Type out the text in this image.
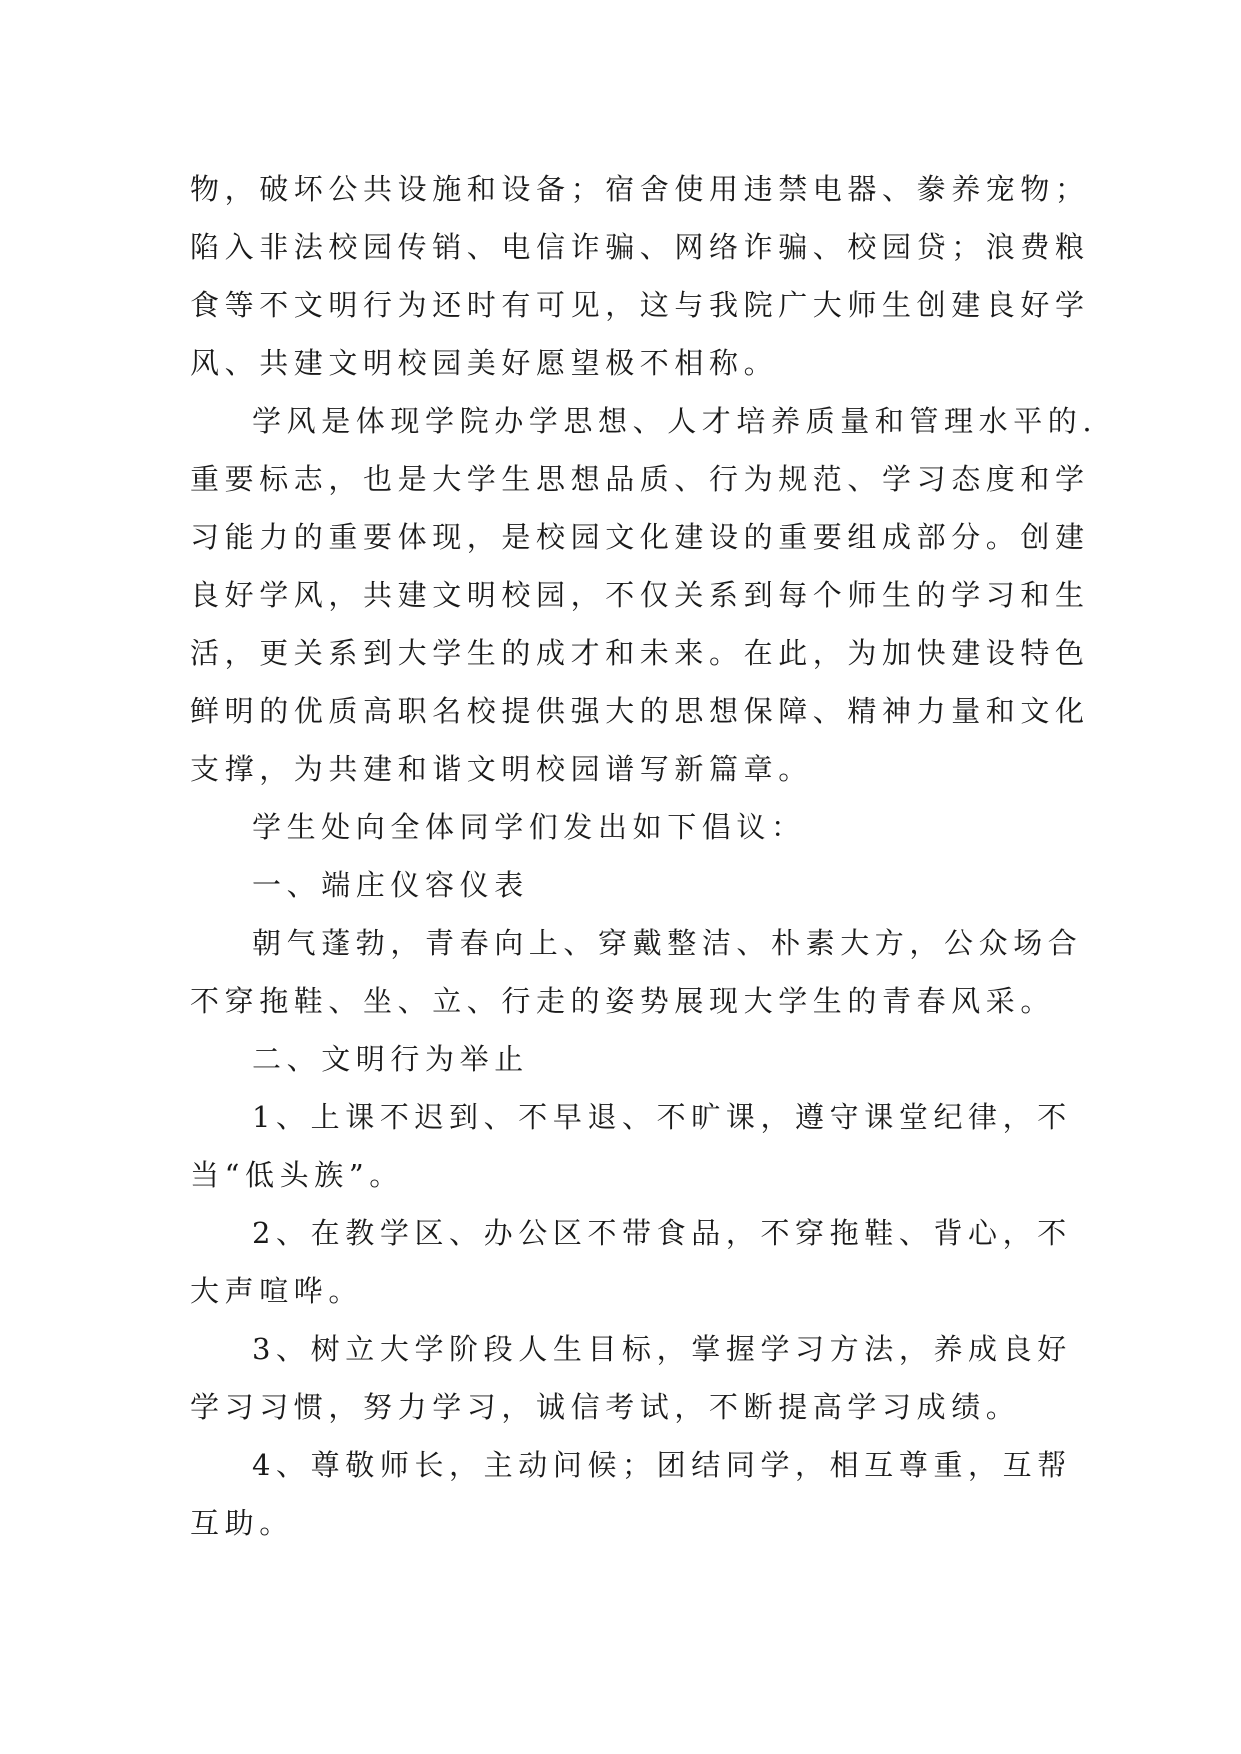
物，破坏公共设施和设备；宿舍使用违禁电器、豢养宠物；
陷入非法校园传销、电信诈骗、网络诈骗、校园贷；浪费粮
食等不文明行为还时有可见，这与我院广大师生创建良好学
风、共建文明校园美好愿望极不相称。
学风是体现学院办学思想、人才培养质量和管理水平的.
重要标志，也是大学生思想品质、行为规范、学习态度和学
习能力的重要体现，是校园文化建设的重要组成部分。创建
良好学风，共建文明校园，不仅关系到每个师生的学习和生
活，更关系到大学生的成才和未来。在此，为加快建设特色
鲜明的优质高职名校提供强大的思想保障、精神力量和文化
支撑，为共建和谐文明校园谱写新篇章。
学生处向全体同学们发出如下倡议：
一、端庄仪容仪表
朝气蓬勃，青春向上、穿戴整洁、朴素大方，公众场合
不穿拖鞋、坐、立、行走的姿势展现大学生的青春风采。
二、文明行为举止
1、上课不迟到、不早退、不旷课，遵守课堂纪律，不
当“低头族”。
2、在教学区、办公区不带食品，不穿拖鞋、背心，不
大声喧哗。
3、树立大学阶段人生目标，掌握学习方法，养成良好
学习习惯，努力学习，诚信考试，不断提高学习成绩。
4、尊敬师长，主动问候；团结同学，相互尊重，互帮
互助。
